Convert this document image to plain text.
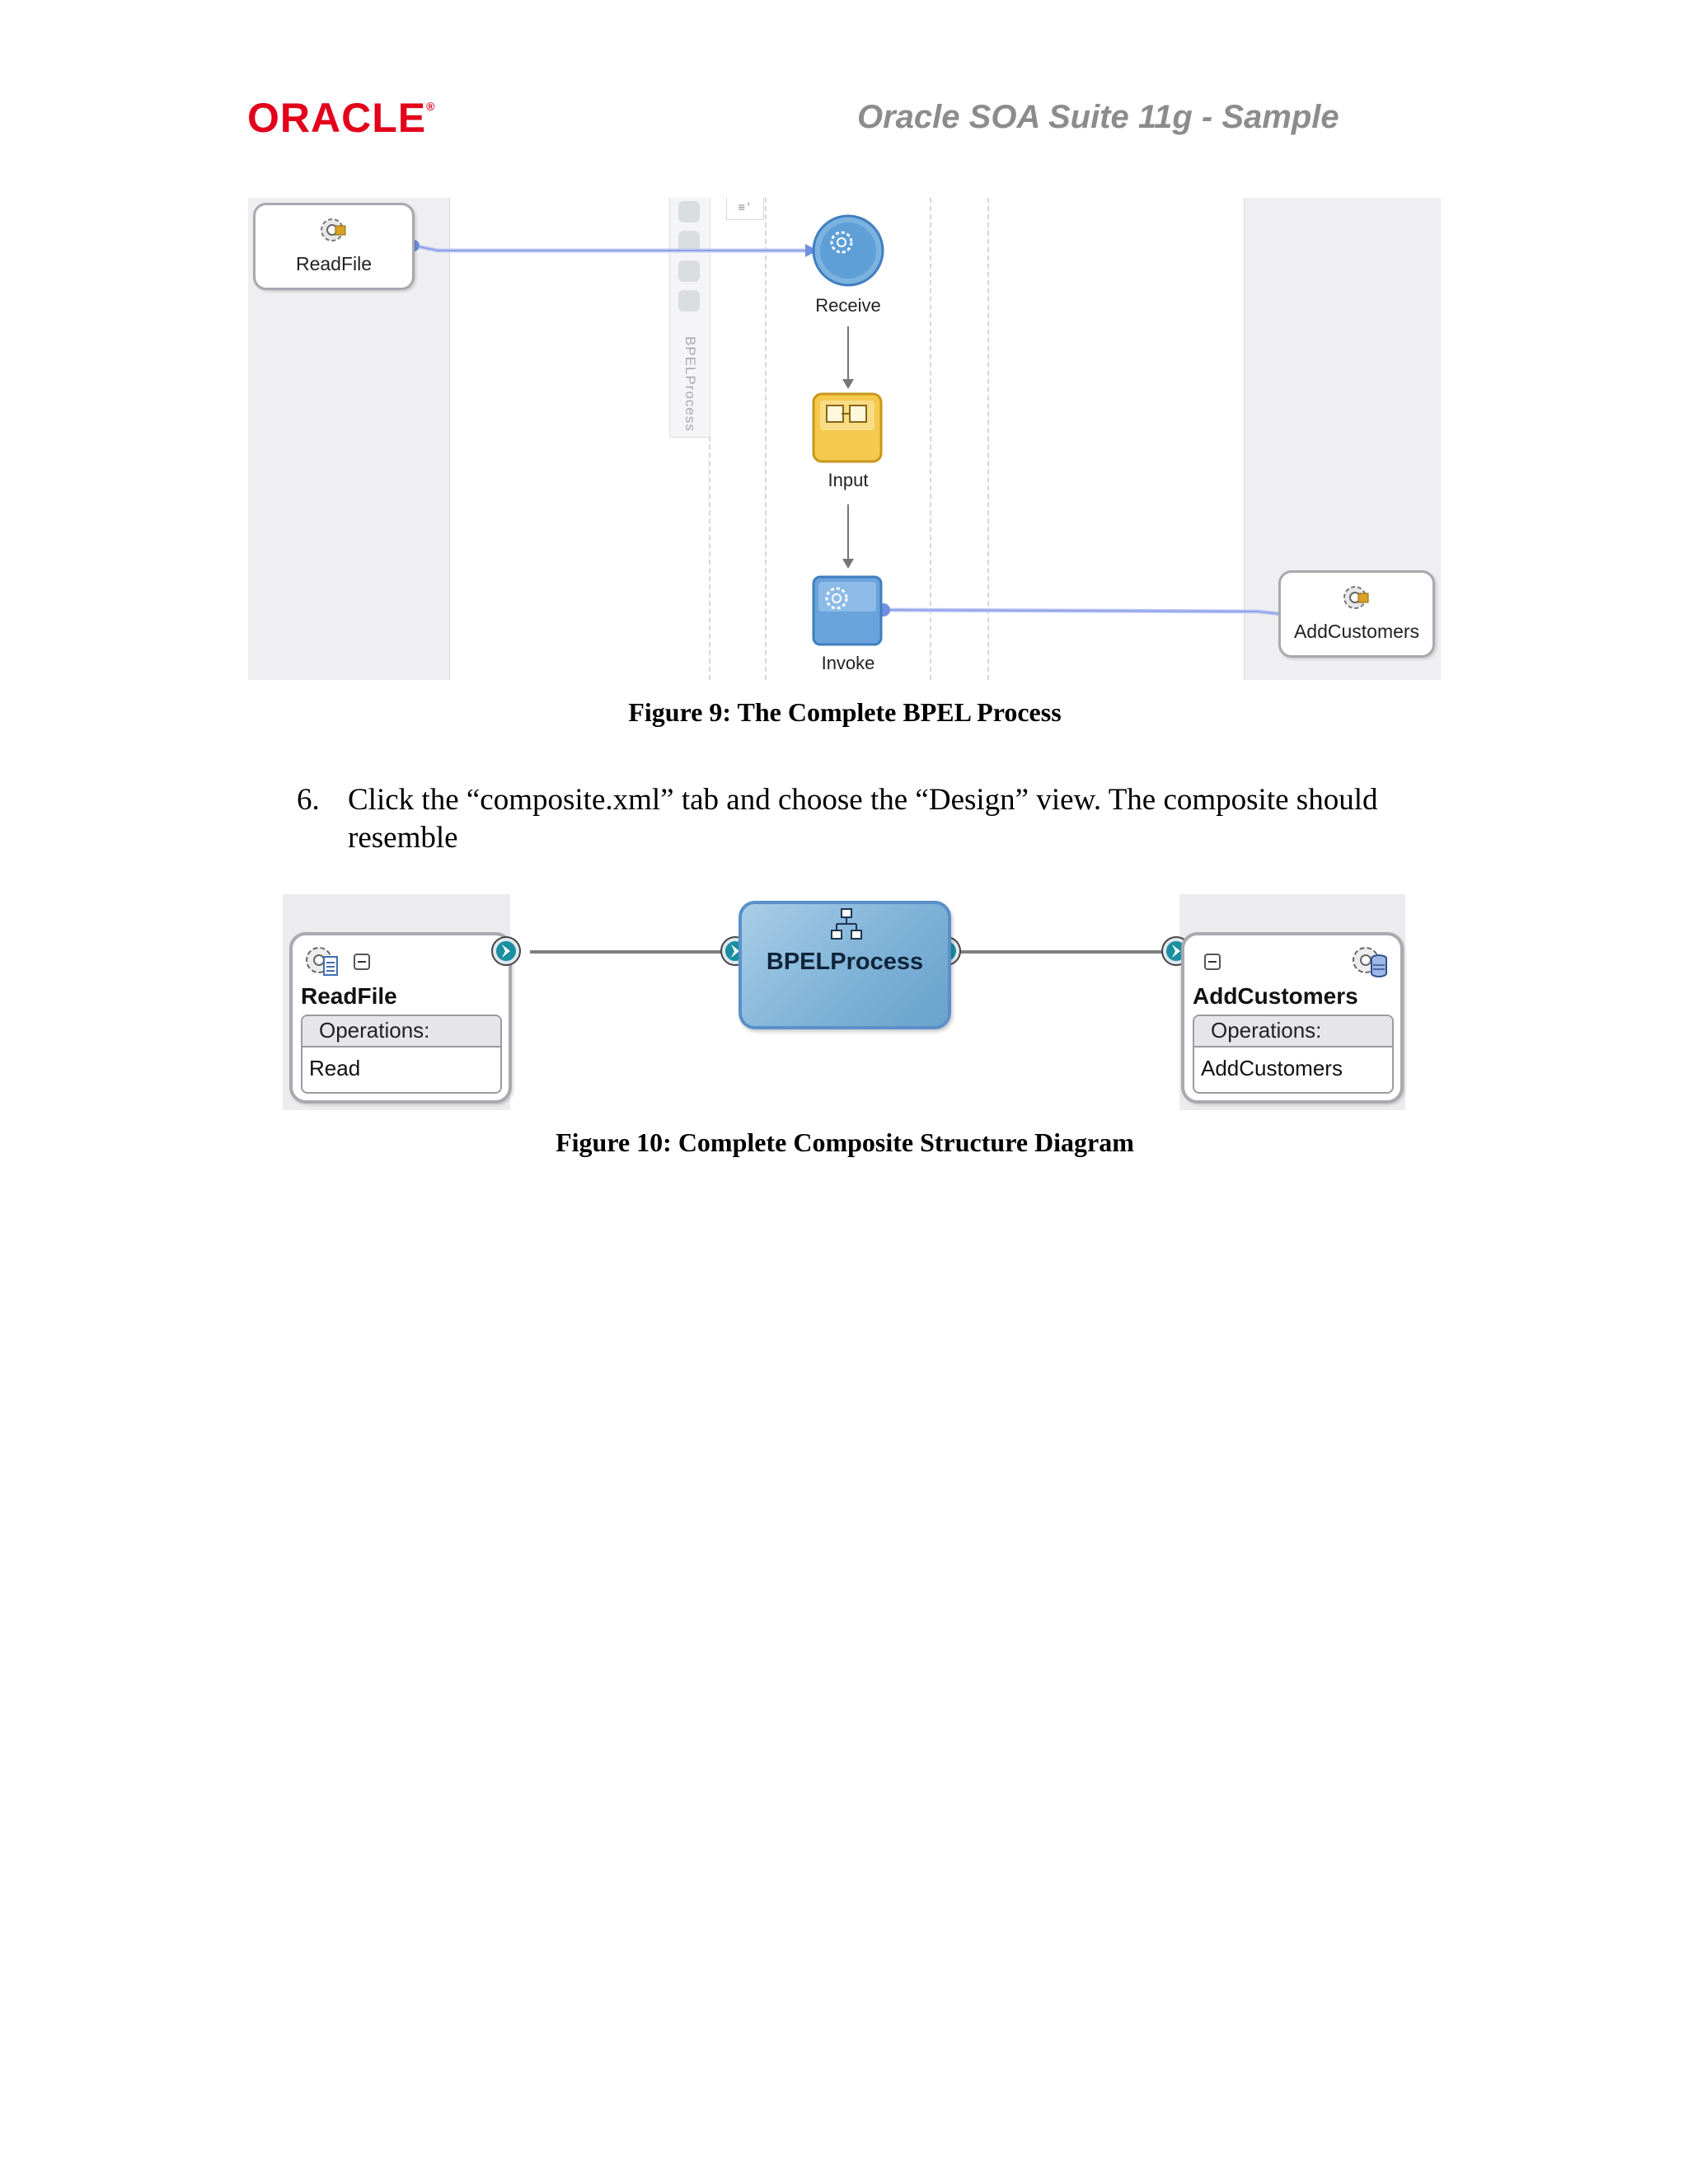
ORACLE®	Oracle SOA Suite 11g - Sample
BPELProcess
≡'
ReadFile
AddCustomers
Receive
Input
Invoke
Figure 9: The Complete BPEL Process
6. Click the “composite.xml” tab and choose the “Design” view. The composite should resemble
ReadFile
Operations:
Read
BPELProcess
AddCustomers
Operations:
AddCustomers
Figure 10: Complete Composite Structure Diagram
